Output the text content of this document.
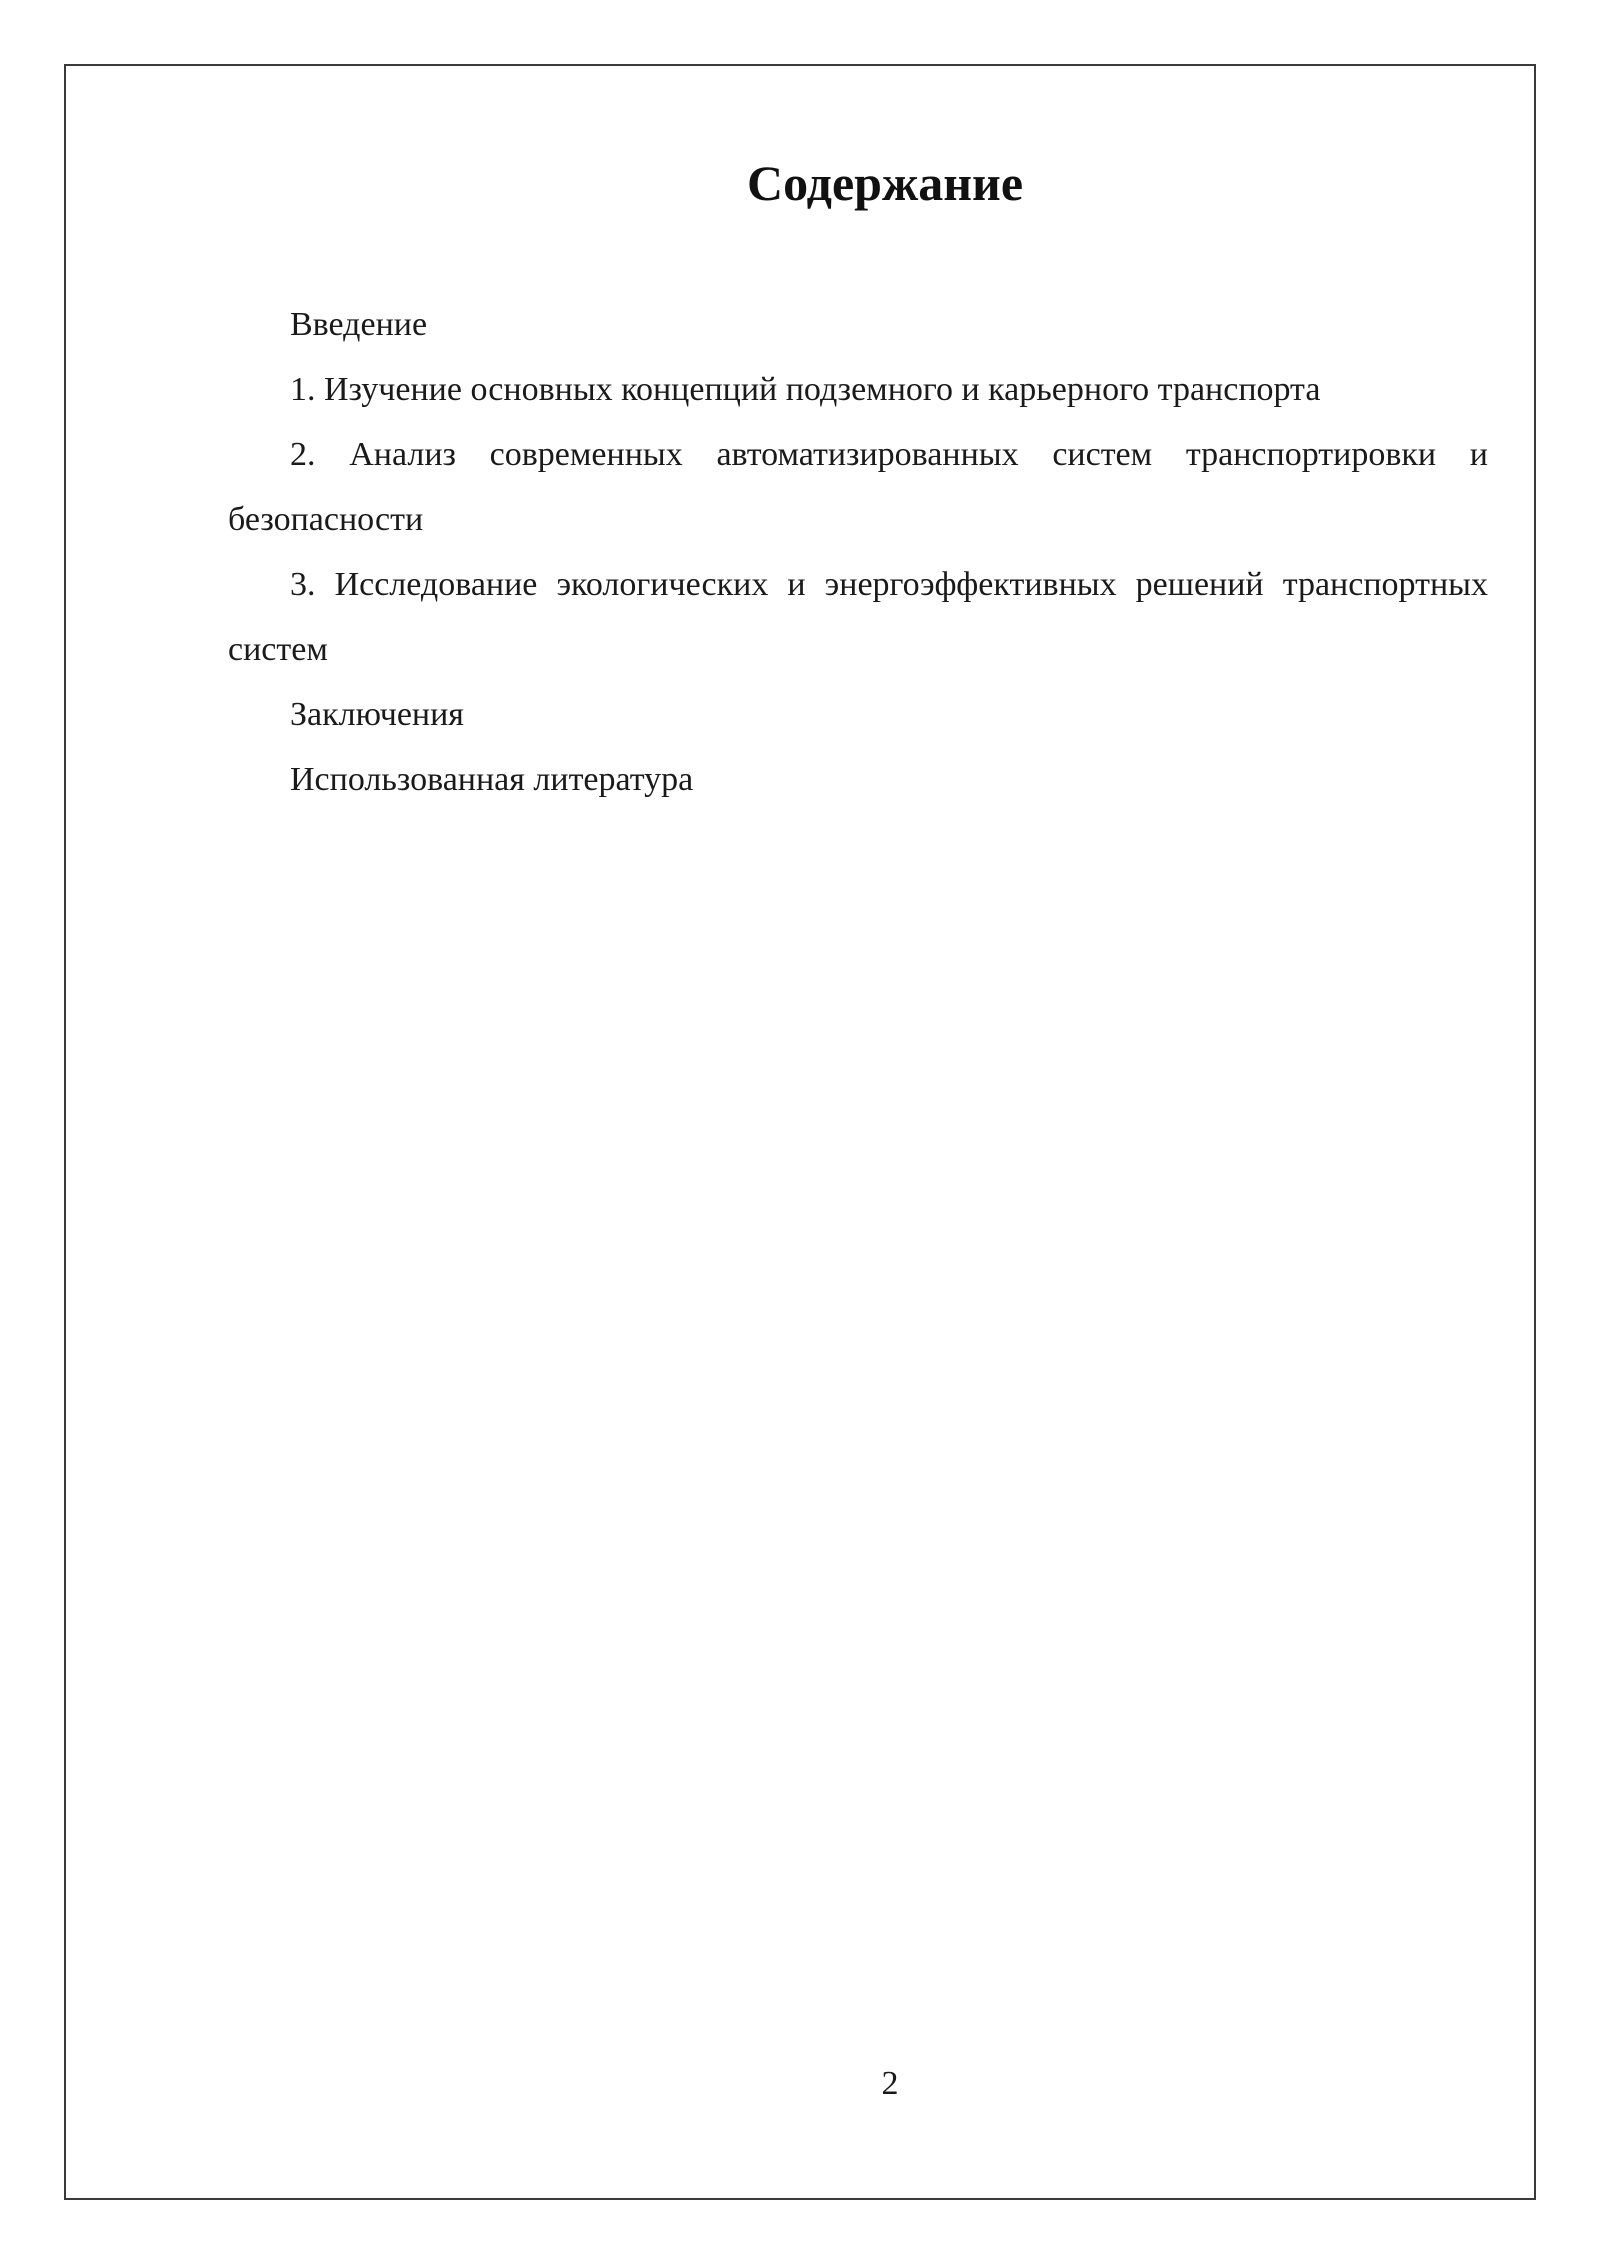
Содержание

Введение

1. Изучение основных концепций подземного и карьерного транспорта

2. Анализ современных автоматизированных систем транспортировки и безопасности

3. Исследование экологических и энергоэффективных решений транспортных систем

Заключения

Использованная литература

2
